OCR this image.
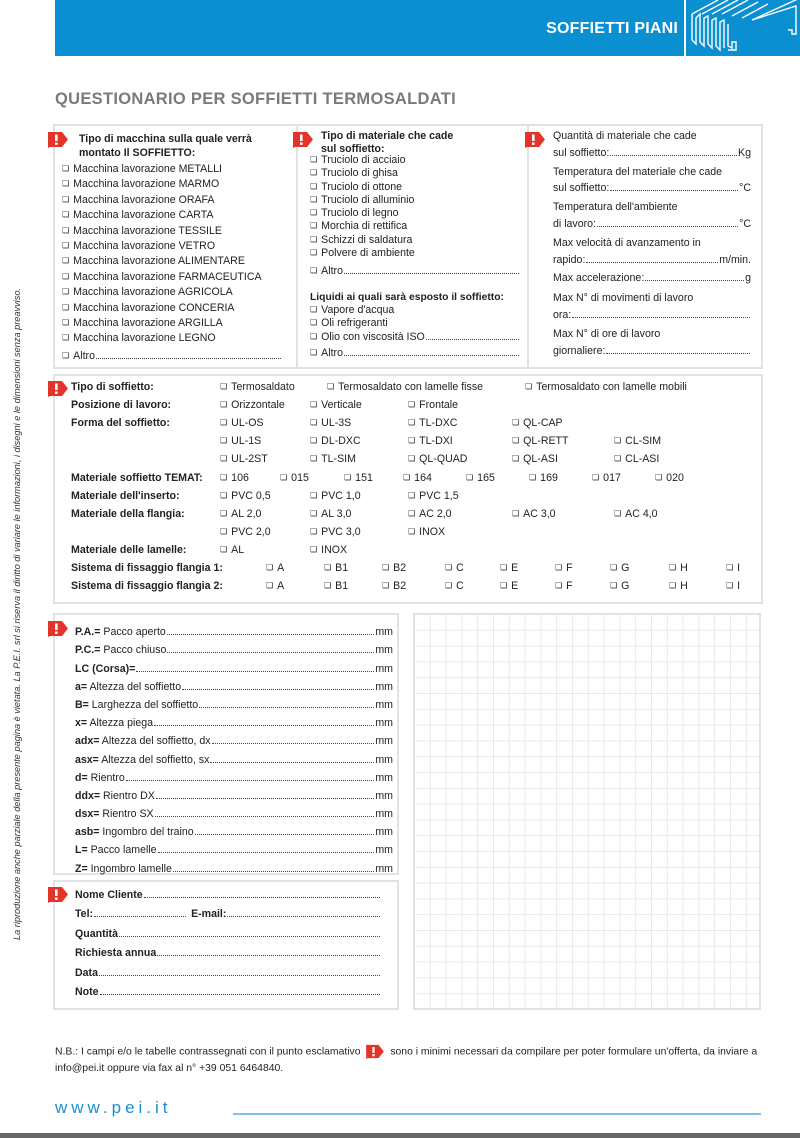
SOFFIETTI PIANI
QUESTIONARIO PER SOFFIETTI TERMOSALDATI
La riproduzione anche parziale della presente pagina è vietata. La P.E.I. srl si riserva il diritto di variare le informazioni, i disegni e le dimensioni senza preavviso.
Tipo di macchina sulla quale verrà
montato Il SOFFIETTO:
❏ Macchina lavorazione METALLI
❏ Macchina lavorazione MARMO
❏ Macchina lavorazione ORAFA
❏ Macchina lavorazione CARTA
❏ Macchina lavorazione TESSILE
❏ Macchina lavorazione VETRO
❏ Macchina lavorazione ALIMENTARE
❏ Macchina lavorazione FARMACEUTICA
❏ Macchina lavorazione AGRICOLA
❏ Macchina lavorazione CONCERIA
❏ Macchina lavorazione ARGILLA
❏ Macchina lavorazione LEGNO
❏ Altro
Tipo di materiale che cade
sul soffietto:
❏ Truciolo di acciaio
❏ Truciolo di ghisa
❏ Truciolo di ottone
❏ Truciolo di alluminio
❏ Truciolo di legno
❏ Morchia di rettifica
❏ Schizzi di saldatura
❏ Polvere di ambiente
❏ Altro
Liquidi ai quali sarà esposto il soffietto:
❏ Vapore d'acqua
❏ Oli refrigeranti
❏ Olio con viscosità ISO
❏ Altro
Quantità di materiale che cade
sul soffietto:	Kg
Temperatura del materiale che cade
sul soffietto:	°C
Temperatura dell'ambiente
di lavoro:	°C
Max velocità di avanzamento in
rapido:	m/min.
Max accelerazione:	g
Max N° di movimenti di lavoro
ora:
Max N° di ore di lavoro
giornaliere:
Tipo di soffietto:	❏ Termosaldato	❏ Termosaldato con lamelle fisse	❏ Termosaldato con lamelle mobili
Posizione di lavoro:	❏ Orizzontale	❏ Verticale	❏ Frontale
Forma del soffietto:	❏ UL-OS	❏ UL-3S	❏ TL-DXC	❏ QL-CAP
❏ UL-1S	❏ DL-DXC	❏ TL-DXI	❏ QL-RETT	❏ CL-SIM
❏ UL-2ST	❏ TL-SIM	❏ QL-QUAD	❏ QL-ASI	❏ CL-ASI
Materiale soffietto TEMAT:	❏ 106	❏ 015	❏ 151	❏ 164	❏ 165	❏ 169	❏ 017	❏ 020
Materiale dell'inserto:	❏ PVC 0,5	❏ PVC 1,0	❏ PVC 1,5
Materiale della flangia:	❏ AL 2,0	❏ AL 3,0	❏ AC 2,0	❏ AC 3,0	❏ AC 4,0
❏ PVC 2,0	❏ PVC 3,0	❏ INOX
Materiale delle lamelle:	❏ AL	❏ INOX
Sistema di fissaggio flangia 1:	❏ A	❏ B1	❏ B2	❏ C	❏ E	❏ F	❏ G	❏ H	❏ I
Sistema di fissaggio flangia 2:	❏ A	❏ B1	❏ B2	❏ C	❏ E	❏ F	❏ G	❏ H	❏ I
P.A.= Pacco aperto	mm
P.C.= Pacco chiuso	mm
LC (Corsa)=	mm
a= Altezza del soffietto	mm
B= Larghezza del soffietto	mm
x= Altezza piega	mm
adx= Altezza del soffietto, dx	mm
asx= Altezza del soffietto, sx	mm
d= Rientro	mm
ddx= Rientro DX	mm
dsx= Rientro SX	mm
asb= Ingombro del traino	mm
L= Pacco lamelle	mm
Z= Ingombro lamelle	mm
Nome Cliente
Tel:	E-mail:
Quantità
Richiesta annua
Data
Note
N.B.: I campi e/o le tabelle contrassegnati con il punto esclamativo	sono i minimi necessari da compilare per poter formulare un'offerta, da inviare a info@pei.it oppure via fax al n° +39 051 6464840.
www.pei.it
